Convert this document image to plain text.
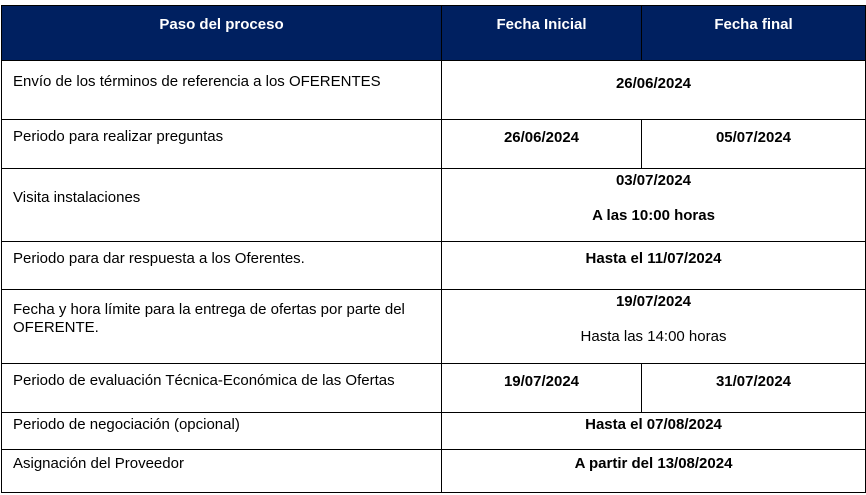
Paso del proceso	Fecha Inicial	Fecha final

Envío de los términos de referencia a los OFERENTES	26/06/2024	

Periodo para realizar preguntas	26/06/2024	05/07/2024

Visita instalaciones	03/07/2024
A las 10:00 horas	

Periodo para dar respuesta a los Oferentes.	Hasta el 11/07/2024	

Fecha y hora límite para la entrega de ofertas por parte del OFERENTE.	19/07/2024
Hasta las 14:00 horas	

Periodo de evaluación Técnica-Económica de las Ofertas	19/07/2024	31/07/2024

Periodo de negociación (opcional)	Hasta el 07/08/2024	

Asignación del Proveedor	A partir del 13/08/2024	
